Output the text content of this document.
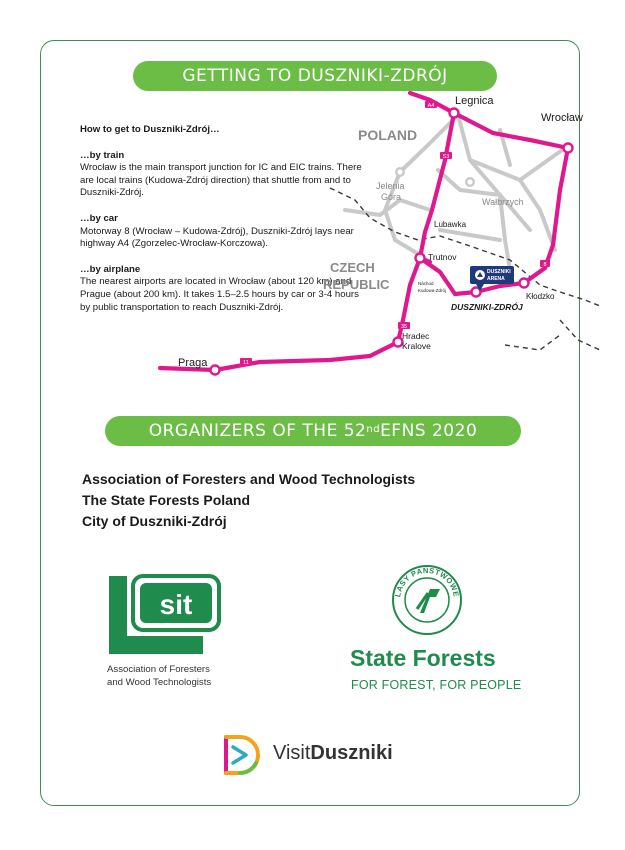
GETTING TO DUSZNIKI-ZDRÓJ
How to get to Duszniki-Zdrój…
…by train
Wrocław is the main transport junction for IC and EIC trains. There are local trains (Kudowa-Zdrój direction) that shuttle from and to Duszniki-Zdrój.
…by car
Motorway 8 (Wrocław – Kudowa-Zdrój), Duszniki-Zdrój lays near highway A4 (Zgorzelec-Wrocław-Korczowa).
…by airplane
The nearest airports are located in Wrocław (about 120 km) and Prague (about 200 km). It takes 1.5–2.5 hours by car or 3-4 hours by public transportation to reach Duszniki-Zdrój.
A4
S3
8
35
11
POLAND
CZECH
REPUBLIC
Legnica
Wrocław
Jelenia
Góra	Wałbrzych
Lubawka
Trutnov
Náchod
Kudowa-Zdrój
Kłodzko
DUSZNIKI-ZDRÓJ
Hradec
Kralove
Praga
DUSZNIKI
ARENA
ORGANIZERS OF THE 52nd EFNS 2020
Association of Foresters and Wood Technologists
The State Forests Poland
City of Duszniki-Zdrój
sit
Association of Foresters
and Wood Technologists
LASY PAŃSTWOWE
State Forests
FOR FOREST, FOR PEOPLE
VisitDuszniki
